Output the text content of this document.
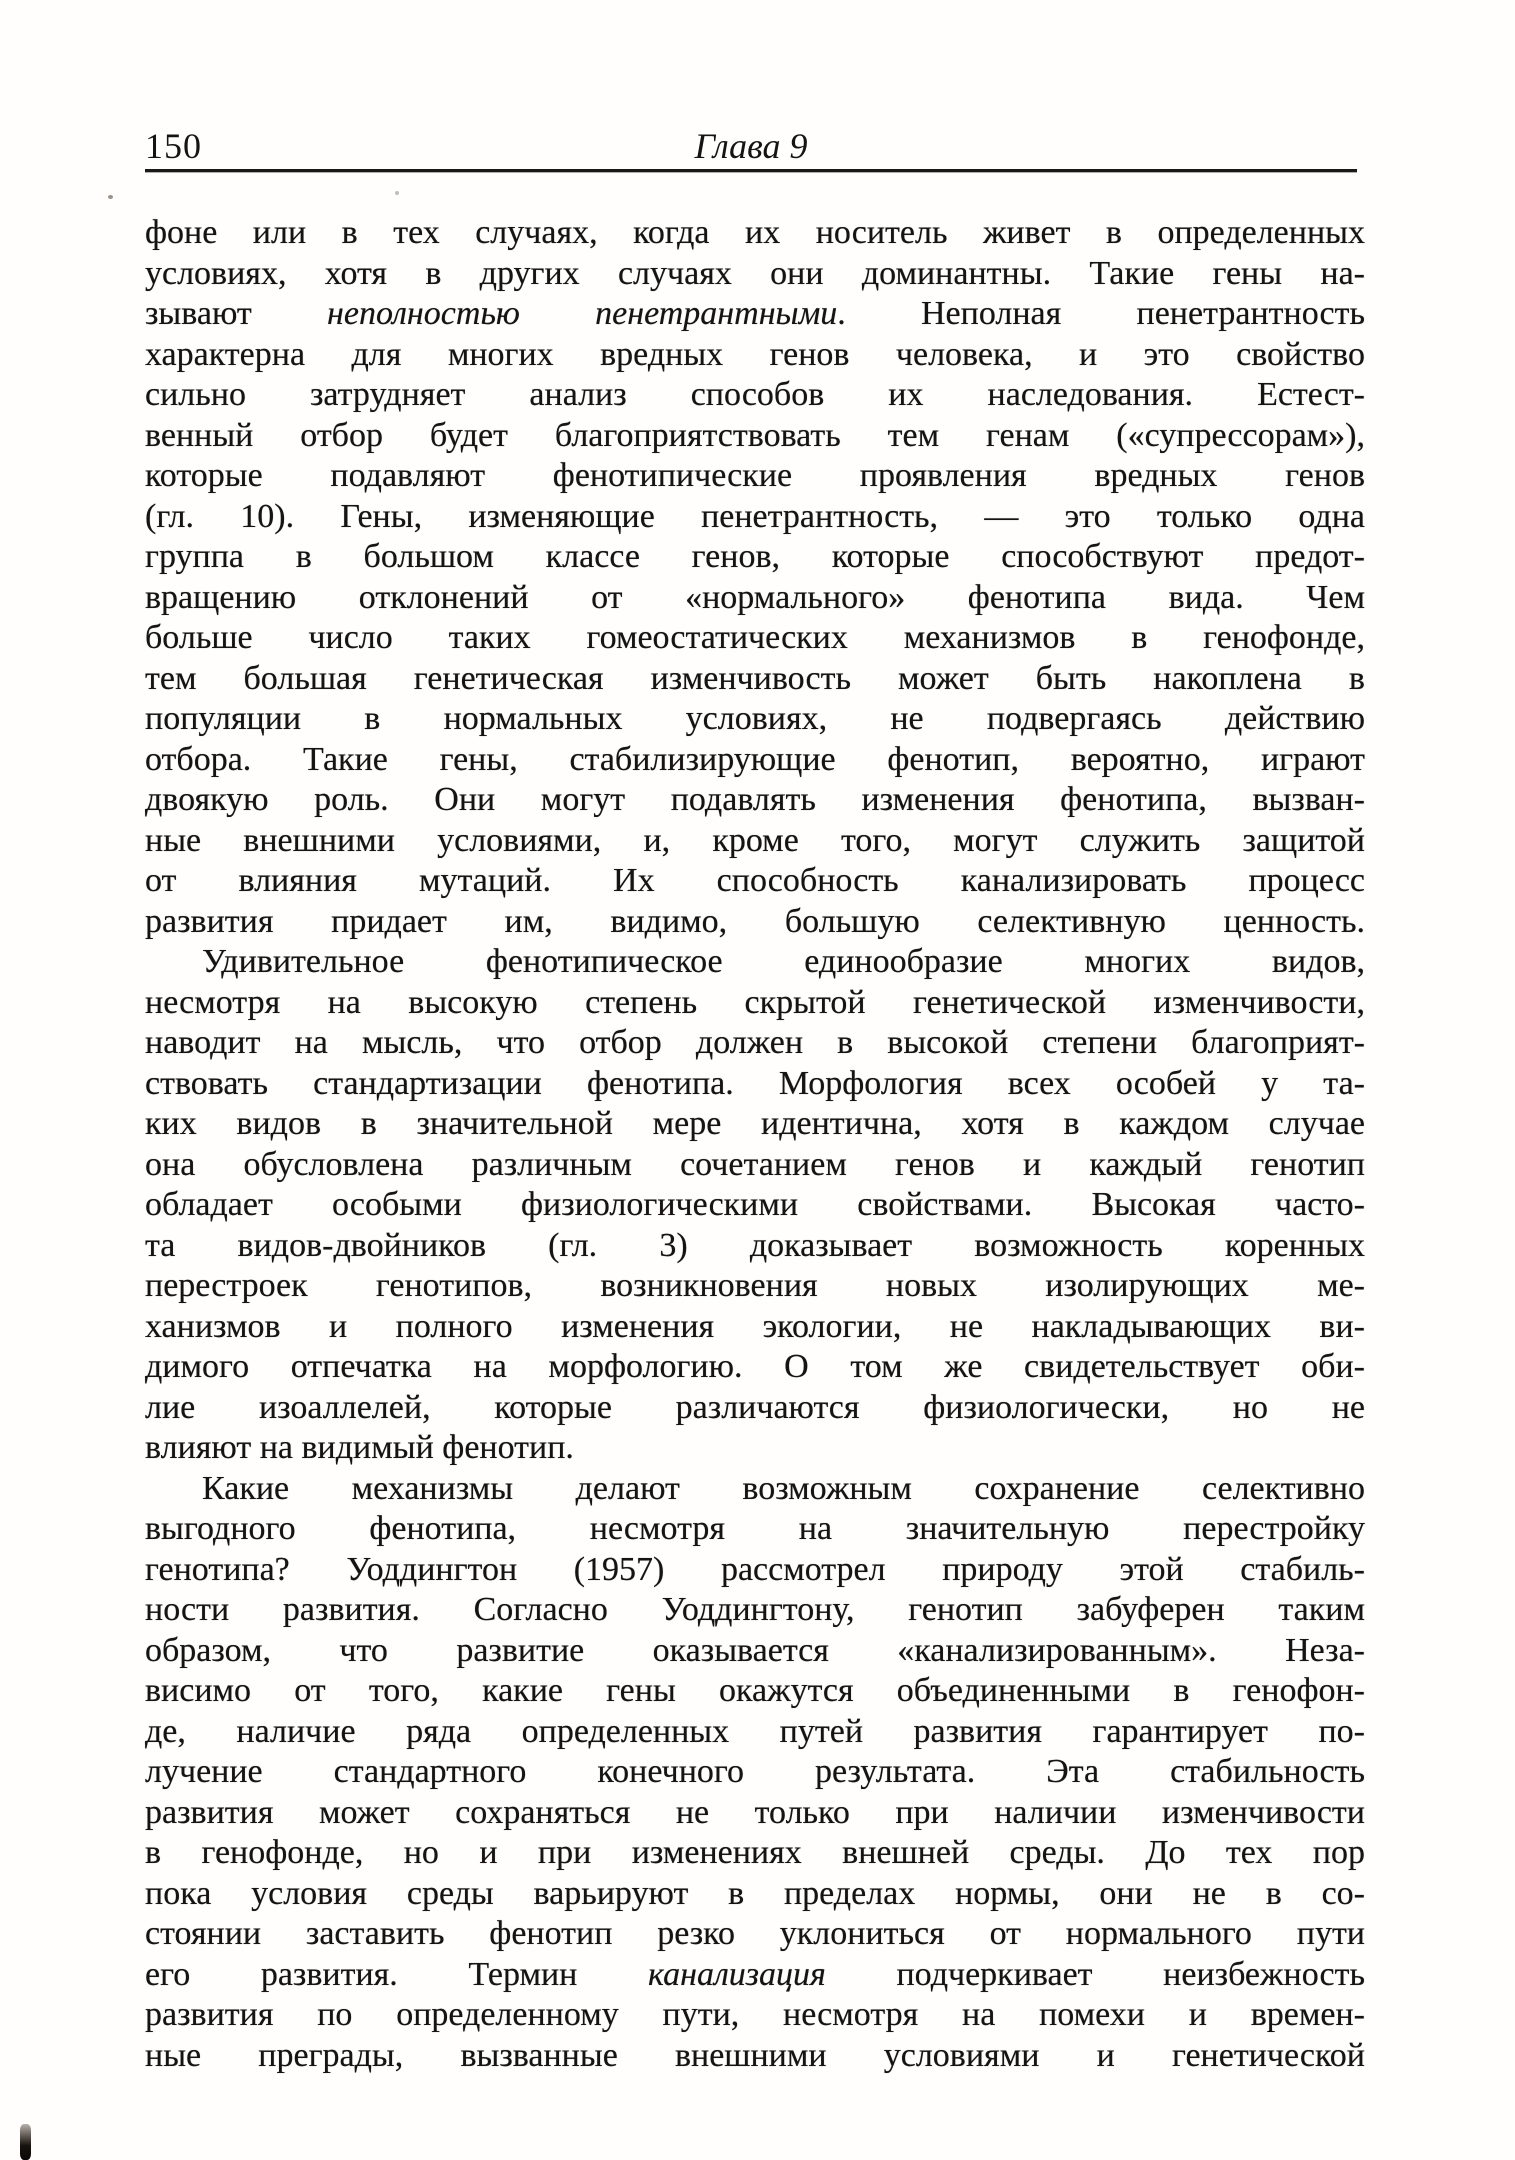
150	Глава 9
фоне или в тех случаях, когда их носитель живет в определенных
условиях, хотя в других случаях они доминантны. Такие гены на-
зывают неполностью пенетрантными. Неполная пенетрантность
характерна для многих вредных генов человека, и это свойство
сильно затрудняет анализ способов их наследования. Естест-
венный отбор будет благоприятствовать тем генам («супрессорам»),
которые подавляют фенотипические проявления вредных генов
(гл. 10). Гены, изменяющие пенетрантность, — это только одна
группа в большом классе генов, которые способствуют предот-
вращению отклонений от «нормального» фенотипа вида. Чем
больше число таких гомеостатических механизмов в генофонде,
тем большая генетическая изменчивость может быть накоплена в
популяции в нормальных условиях, не подвергаясь действию
отбора. Такие гены, стабилизирующие фенотип, вероятно, играют
двоякую роль. Они могут подавлять изменения фенотипа, вызван-
ные внешними условиями, и, кроме того, могут служить защитой
от влияния мутаций. Их способность канализировать процесс
развития придает им, видимо, большую селективную ценность.
Удивительное фенотипическое единообразие многих видов,
несмотря на высокую степень скрытой генетической изменчивости,
наводит на мысль, что отбор должен в высокой степени благоприят-
ствовать стандартизации фенотипа. Морфология всех особей у та-
ких видов в значительной мере идентична, хотя в каждом случае
она обусловлена различным сочетанием генов и каждый генотип
обладает особыми физиологическими свойствами. Высокая часто-
та видов-двойников (гл. 3) доказывает возможность коренных
перестроек генотипов, возникновения новых изолирующих ме-
ханизмов и полного изменения экологии, не накладывающих ви-
димого отпечатка на морфологию. О том же свидетельствует оби-
лие изоаллелей, которые различаются физиологически, но не
влияют на видимый фенотип.
Какие механизмы делают возможным сохранение селективно
выгодного фенотипа, несмотря на значительную перестройку
генотипа? Уоддингтон (1957) рассмотрел природу этой стабиль-
ности развития. Согласно Уоддингтону, генотип забуферен таким
образом, что развитие оказывается «канализированным». Неза-
висимо от того, какие гены окажутся объединенными в генофон-
де, наличие ряда определенных путей развития гарантирует по-
лучение стандартного конечного результата. Эта стабильность
развития может сохраняться не только при наличии изменчивости
в генофонде, но и при изменениях внешней среды. До тех пор
пока условия среды варьируют в пределах нормы, они не в со-
стоянии заставить фенотип резко уклониться от нормального пути
его развития. Термин канализация подчеркивает неизбежность
развития по определенному пути, несмотря на помехи и времен-
ные преграды, вызванные внешними условиями и генетической
